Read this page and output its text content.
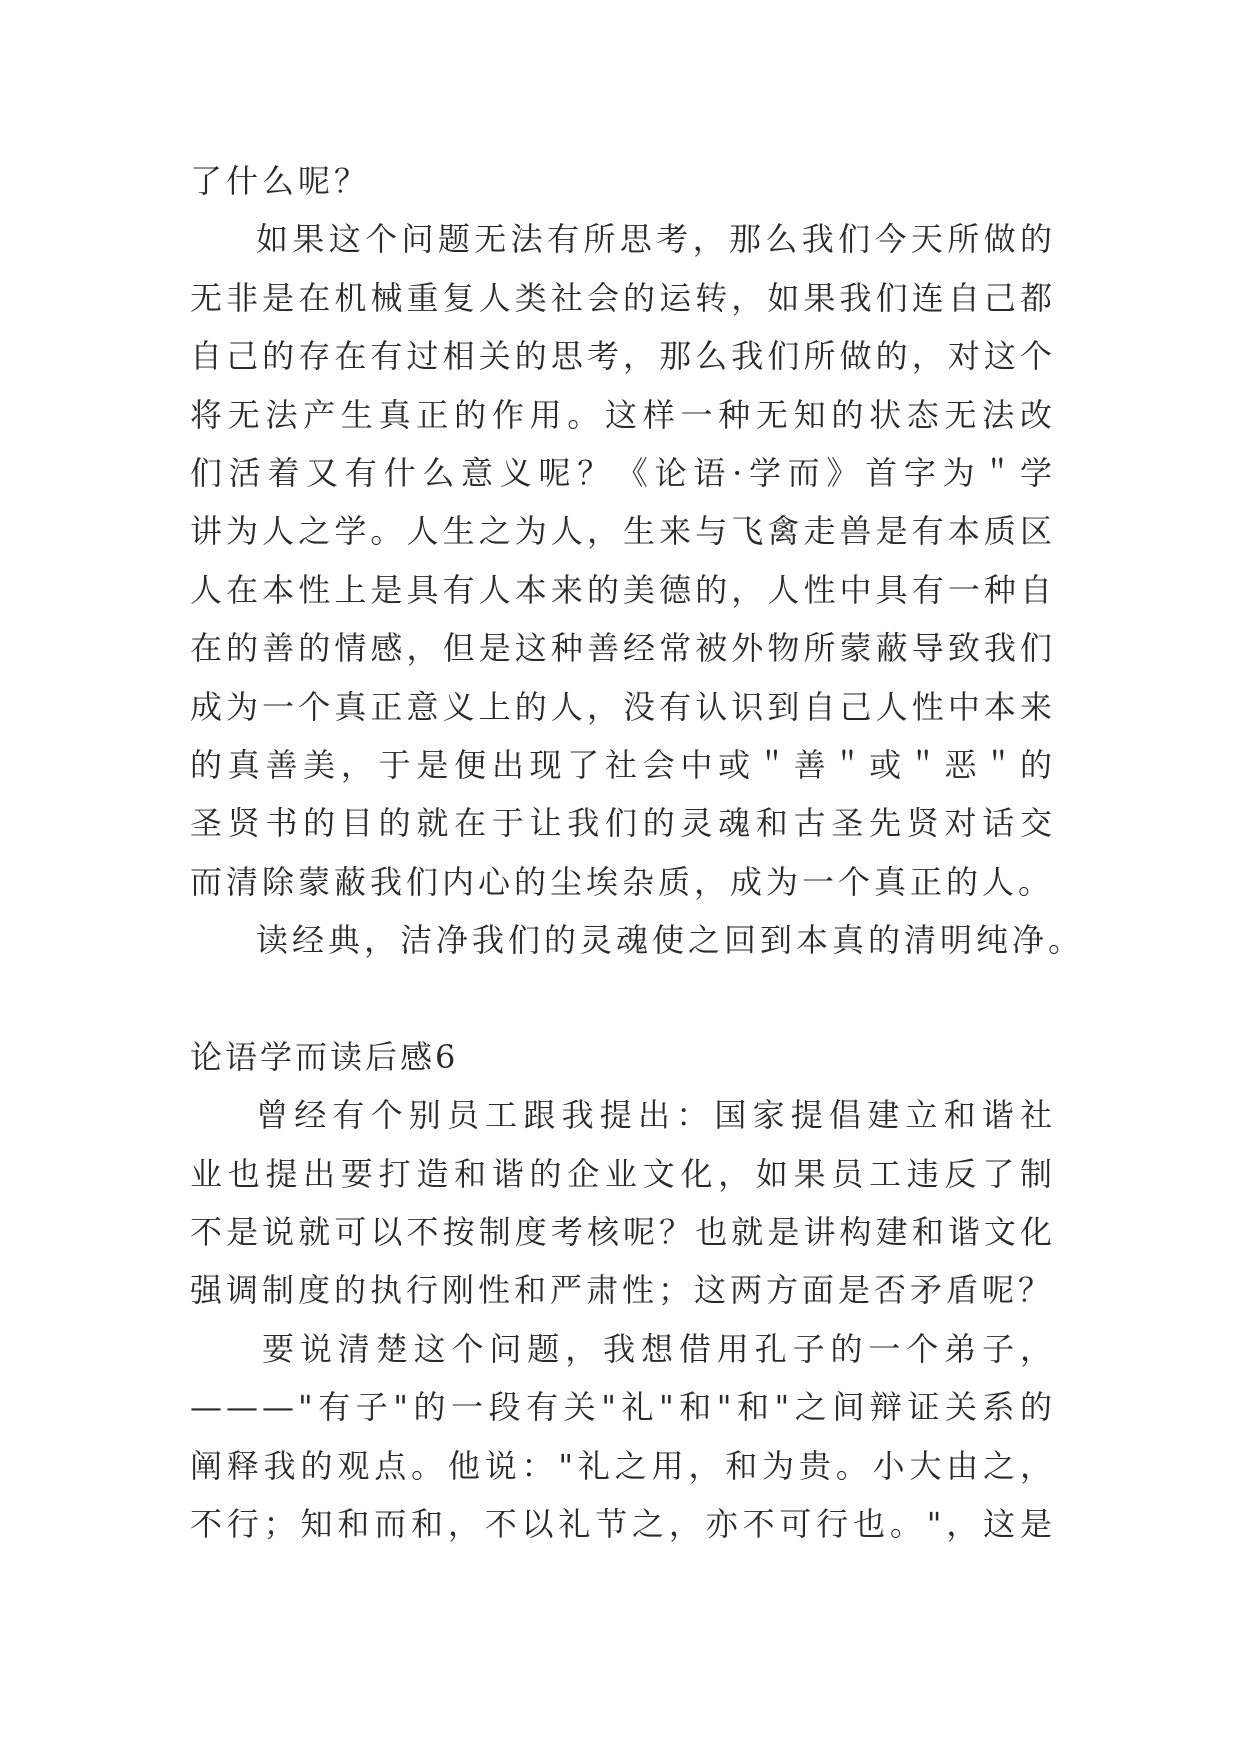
了什么呢？
如果这个问题无法有所思考，那么我们今天所做的
无非是在机械重复人类社会的运转，如果我们连自己都
自己的存在有过相关的思考，那么我们所做的，对这个
将无法产生真正的作用。这样一种无知的状态无法改
们活着又有什么意义呢？《论语·学而》首字为＂学
讲为人之学。人生之为人，生来与飞禽走兽是有本质区
人在本性上是具有人本来的美德的，人性中具有一种自
在的善的情感，但是这种善经常被外物所蒙蔽导致我们
成为一个真正意义上的人，没有认识到自己人性中本来
的真善美，于是便出现了社会中或＂善＂或＂恶＂的
圣贤书的目的就在于让我们的灵魂和古圣先贤对话交
而清除蒙蔽我们内心的尘埃杂质，成为一个真正的人。
读经典，洁净我们的灵魂使之回到本真的清明纯净。
论语学而读后感6
曾经有个别员工跟我提出：国家提倡建立和谐社
业也提出要打造和谐的企业文化，如果员工违反了制
不是说就可以不按制度考核呢？也就是讲构建和谐文化
强调制度的执行刚性和严肃性；这两方面是否矛盾呢？
要说清楚这个问题，我想借用孔子的一个弟子，
———"有子"的一段有关"礼"和"和"之间辩证关系的
阐释我的观点。他说："礼之用，和为贵。小大由之，
不行；知和而和，不以礼节之，亦不可行也。"，这是
